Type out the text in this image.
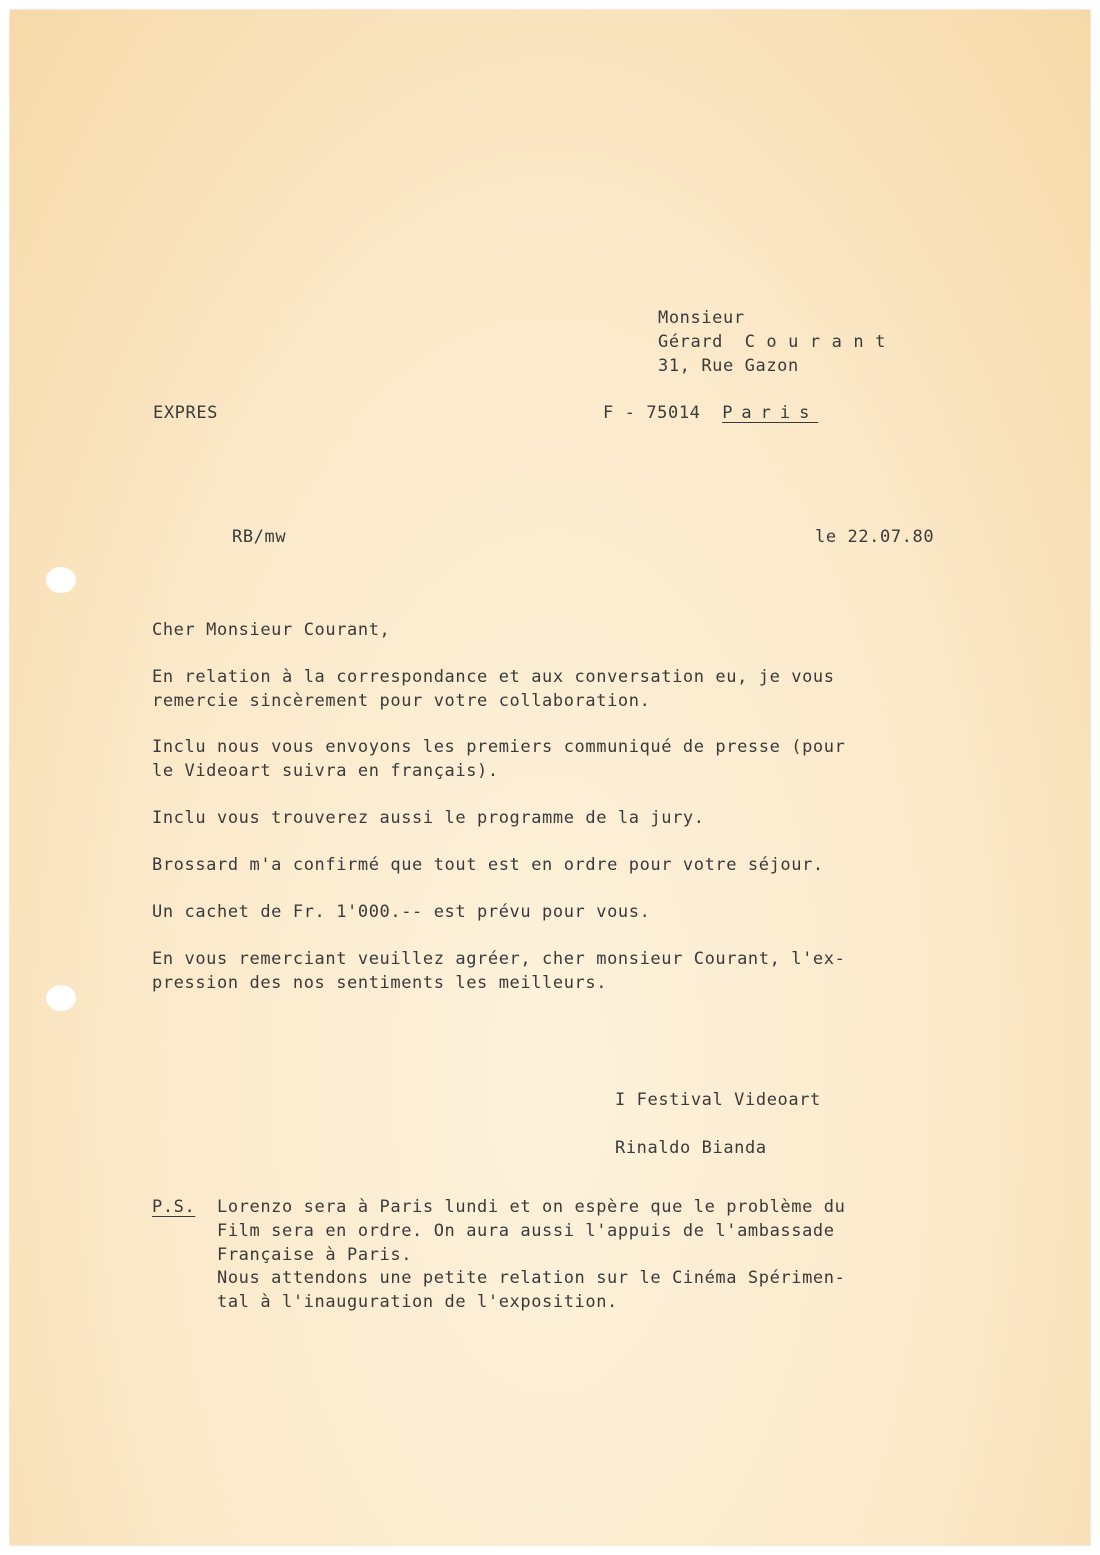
Monsieur

Gérard Courant

31, Rue Gazon

F - 75014 Paris

EXPRES

RB/mw	le 22.07.80

Cher Monsieur Courant,

En relation à la correspondance et aux conversation eu, je vous
remercie sincèrement pour votre collaboration.

Inclu nous vous envoyons les premiers communiqué de presse (pour
le Videoart suivra en français).

Inclu vous trouverez aussi le programme de la jury.

Brossard m'a confirmé que tout est en ordre pour votre séjour.

Un cachet de Fr. 1'000.-- est prévu pour vous.

En vous remerciant veuillez agréer, cher monsieur Courant, l'ex-
pression des nos sentiments les meilleurs.

I Festival Videoart

Rinaldo Bianda

P.S. Lorenzo sera à Paris lundi et on espère que le problème du

Film sera en ordre. On aura aussi l'appuis de l'ambassade

Française à Paris.

Nous attendons une petite relation sur le Cinéma Spérimen-

tal à l'inauguration de l'exposition.
